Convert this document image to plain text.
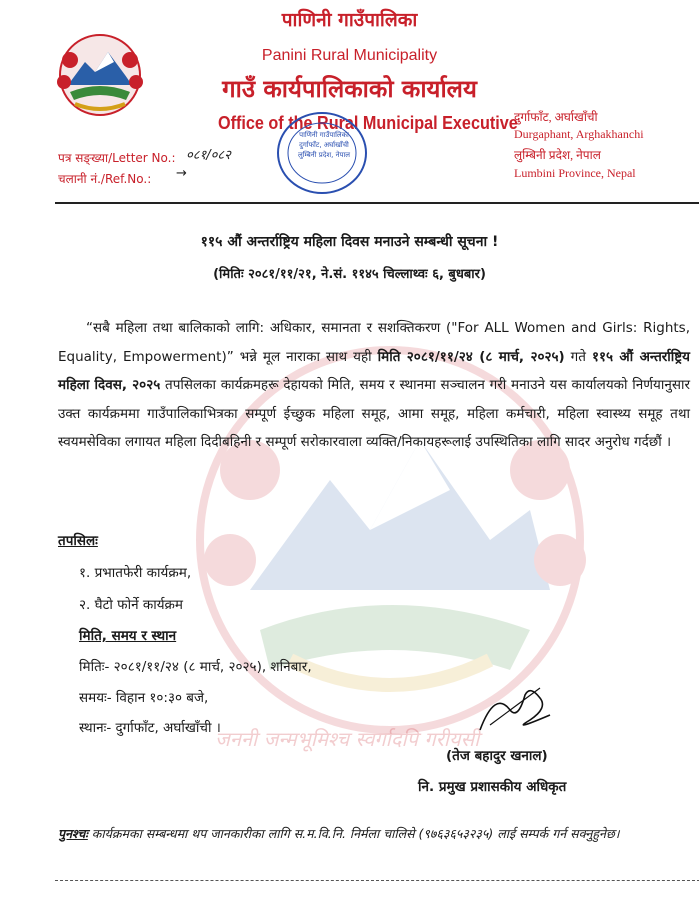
जननी जन्मभूमिश्च स्वर्गादपि गरीयसी
पाणिनी गाउँपालिका
Panini Rural Municipality
गाउँ कार्यपालिकाको कार्यालय
Office of the Rural Municipal Executive
दुर्गाफाँट, अर्घाखाँची
Durgaphant, Arghakhanchi
लुम्बिनी प्रदेश, नेपाल
Lumbini Province, Nepal
पत्र सङ्ख्या/Letter No.: ०८१/०८२
चलानी नं./Ref.No.: →
पाणिनी गाउँपालिका
दुर्गाफाँट, अर्घाखाँची
लुम्बिनी प्रदेश, नेपाल
११५ औं अन्तर्राष्ट्रिय महिला दिवस मनाउने सम्बन्धी सूचना !
(मितिः २०८१/११/२१, ने.सं. ११४५ चिल्लाथ्वः ६, बुधबार)
“सबै महिला तथा बालिकाको लागि: अधिकार, समानता र सशक्तिकरण ("For ALL Women and Girls: Rights, Equality, Empowerment)” भन्ने मूल नाराका साथ यही मिति २०८१/११/२४ (८ मार्च, २०२५) गते ११५ औं अन्तर्राष्ट्रिय महिला दिवस, २०२५ तपसिलका कार्यक्रमहरू देहायको मिति, समय र स्थानमा सञ्चालन गरी मनाउने यस कार्यालयको निर्णयानुसार उक्त कार्यक्रममा गाउँपालिकाभित्रका सम्पूर्ण ईच्छुक महिला समूह, आमा समूह, महिला कर्मचारी, महिला स्वास्थ्य समूह तथा स्वयमसेविका लगायत महिला दिदीबहिनी र सम्पूर्ण सरोकारवाला व्यक्ति/निकायहरूलाई उपस्थितिका लागि सादर अनुरोध गर्दछौं ।
तपसिलः
१. प्रभातफेरी कार्यक्रम,
२. घैटो फोर्ने कार्यक्रम
मिति, समय र स्थान
मितिः- २०८१/११/२४ (८ मार्च, २०२५), शनिबार,
समयः- विहान १०:३० बजे,
स्थानः- दुर्गाफाँट, अर्घाखाँची ।
(तेज बहादुर खनाल)
नि. प्रमुख प्रशासकीय अधिकृत
पुनश्चः कार्यक्रमका सम्बन्धमा थप जानकारीका लागि स.म.वि.नि. निर्मला चालिसे (९७६३६५३२३५) लाई सम्पर्क गर्न सक्नुहुनेछ।
